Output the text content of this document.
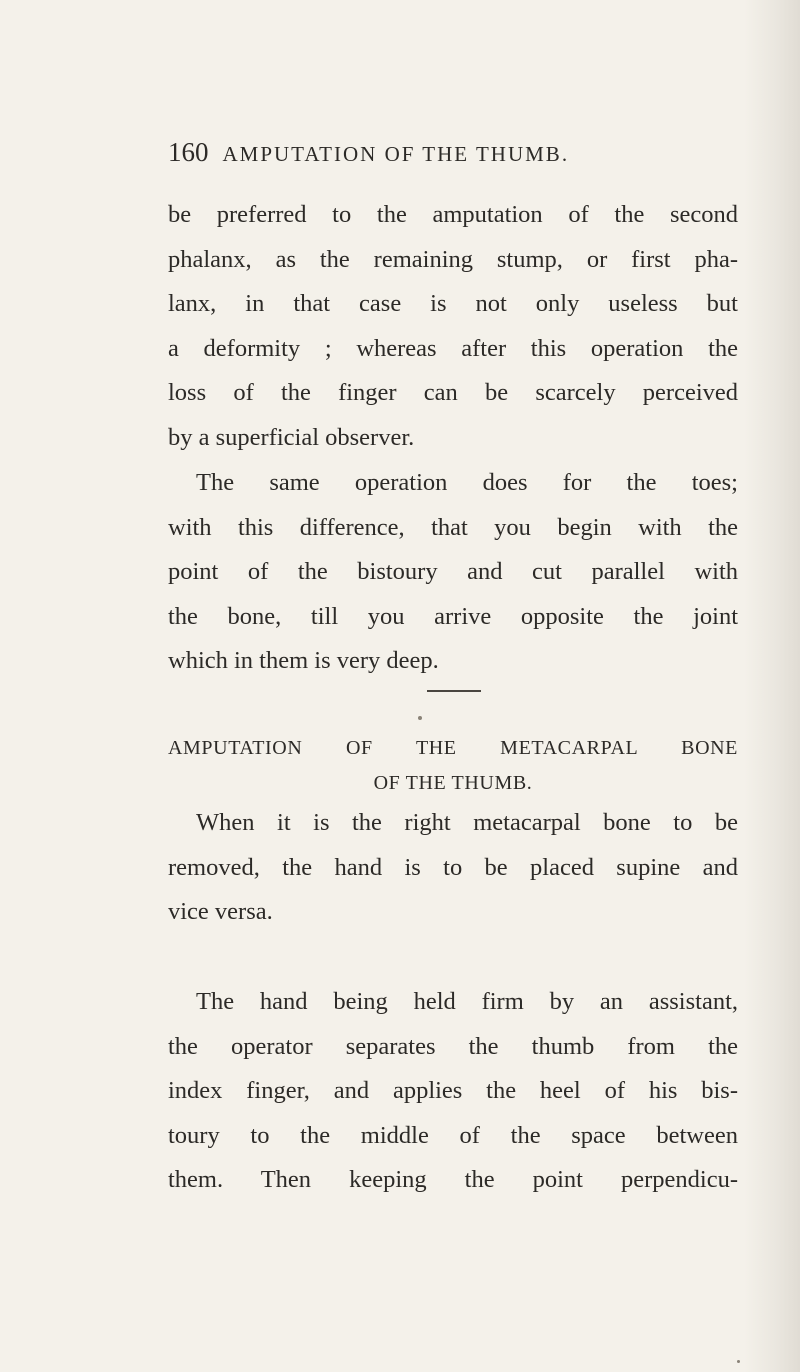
160 AMPUTATION OF THE THUMB.
be preferred to the amputation of the second
phalanx, as the remaining stump, or first pha-
lanx, in that case is not only useless but
a deformity ; whereas after this operation the
loss of the finger can be scarcely perceived
by a superficial observer.
The same operation does for the toes;
with this difference, that you begin with the
point of the bistoury and cut parallel with
the bone, till you arrive opposite the joint
which in them is very deep.
AMPUTATION OF THE METACARPAL BONE
OF THE THUMB.
When it is the right metacarpal bone to be
removed, the hand is to be placed supine and
vice versa.
The hand being held firm by an assistant,
the operator separates the thumb from the
index finger, and applies the heel of his bis-
toury to the middle of the space between
them. Then keeping the point perpendicu-
